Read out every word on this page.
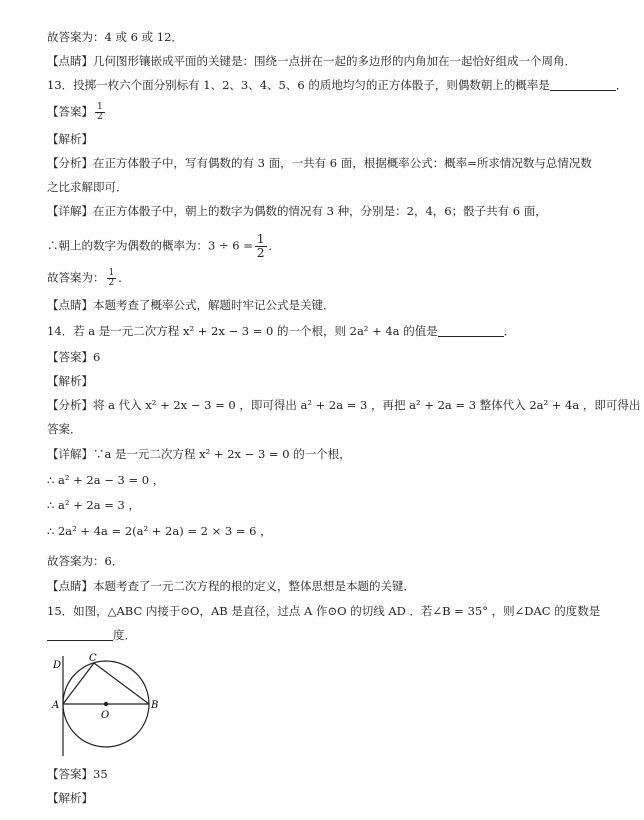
故答案为：4 或 6 或 12．
【点睛】几何图形镶嵌成平面的关键是：围绕一点拼在一起的多边形的内角加在一起恰好组成一个周角．
13．投掷一枚六个面分别标有 1、2、3、4、5、6 的质地均匀的正方体骰子，则偶数朝上的概率是	．
【答案】 $\frac{1}{2}$
【解析】
【分析】在正方体骰子中，写有偶数的有 3 面，一共有 6 面，根据概率公式：概率=所求情况数与总情况数
之比求解即可．
【详解】在正方体骰子中，朝上的数字为偶数的情况有 3 种，分别是：2，4，6；骰子共有 6 面，
∴朝上的数字为偶数的概率为：$3 \div 6 = \frac{1}{2}$ ．
故答案为： $\frac{1}{2}$ ．
【点睛】本题考查了概率公式，解题时牢记公式是关键．
14．若 a 是一元二次方程 x² + 2x − 3 = 0 的一个根，则 2a² + 4a 的值是	．
【答案】6
【解析】
【分析】将 a 代入 x² + 2x − 3 = 0 ，即可得出 a² + 2a = 3 ，再把 a² + 2a = 3 整体代入 2a² + 4a ，即可得出
答案．
【详解】∵a 是一元二次方程 x² + 2x − 3 = 0 的一个根，
∴ a² + 2a − 3 = 0 ，
∴ a² + 2a = 3 ，
∴ 2a² + 4a = 2(a² + 2a) = 2 × 3 = 6 ，
故答案为：6．
【点睛】本题考查了一元二次方程的根的定义，整体思想是本题的关键．
15．如图，△ABC 内接于⊙O，AB 是直径，过点 A 作⊙O 的切线 AD ．若∠B = 35° ，则∠DAC 的度数是
度．
D
C
A
O
B
【答案】35
【解析】
